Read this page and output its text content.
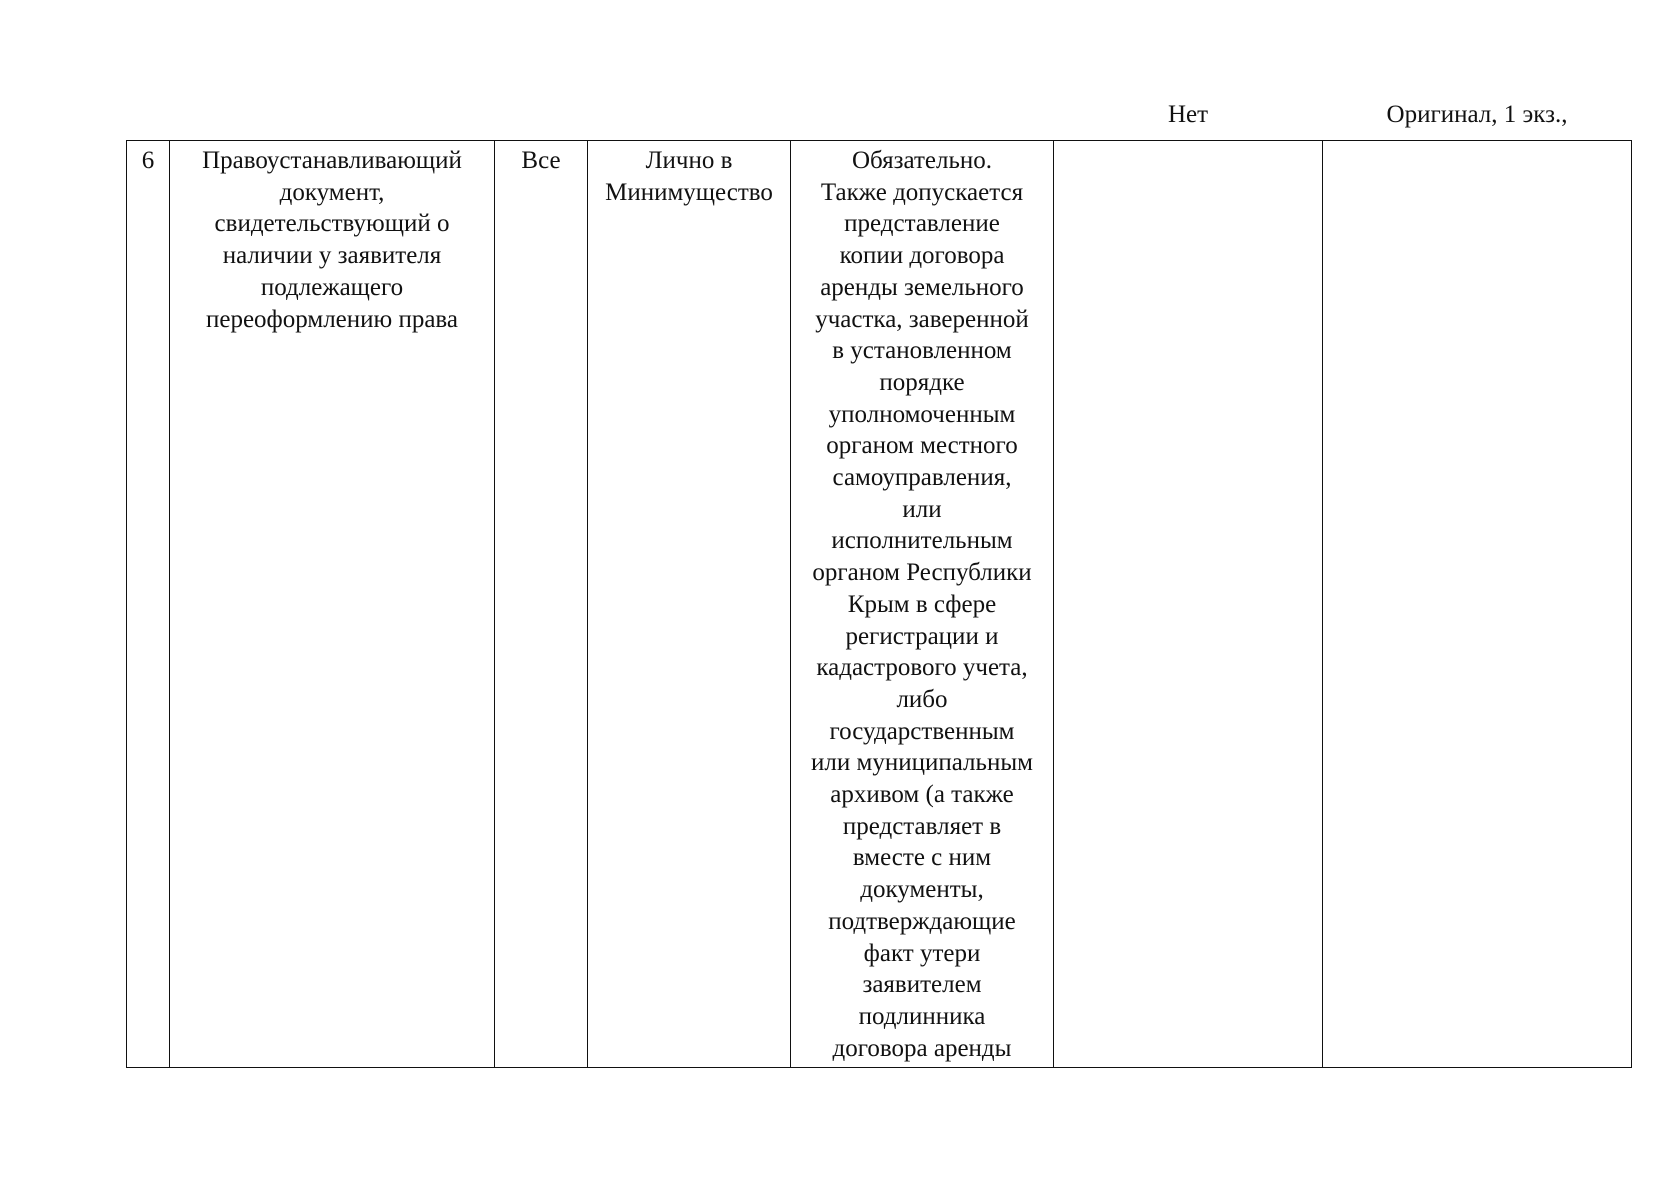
6	Правоустанавливающий
документ,
свидетельствующий о
наличии у заявителя
подлежащего
переоформлению права	Все	Лично в
Минимущество	Обязательно.
Также допускается
представление
копии договора
аренды земельного
участка, заверенной
в установленном
порядке
уполномоченным
органом местного
самоуправления,
или
исполнительным
органом Республики
Крым в сфере
регистрации и
кадастрового учета,
либо
государственным
или муниципальным
архивом (а также
представляет в
вместе с ним
документы,
подтверждающие
факт утери
заявителем
подлинника
договора аренды	Нет	Оригинал, 1 экз.,
